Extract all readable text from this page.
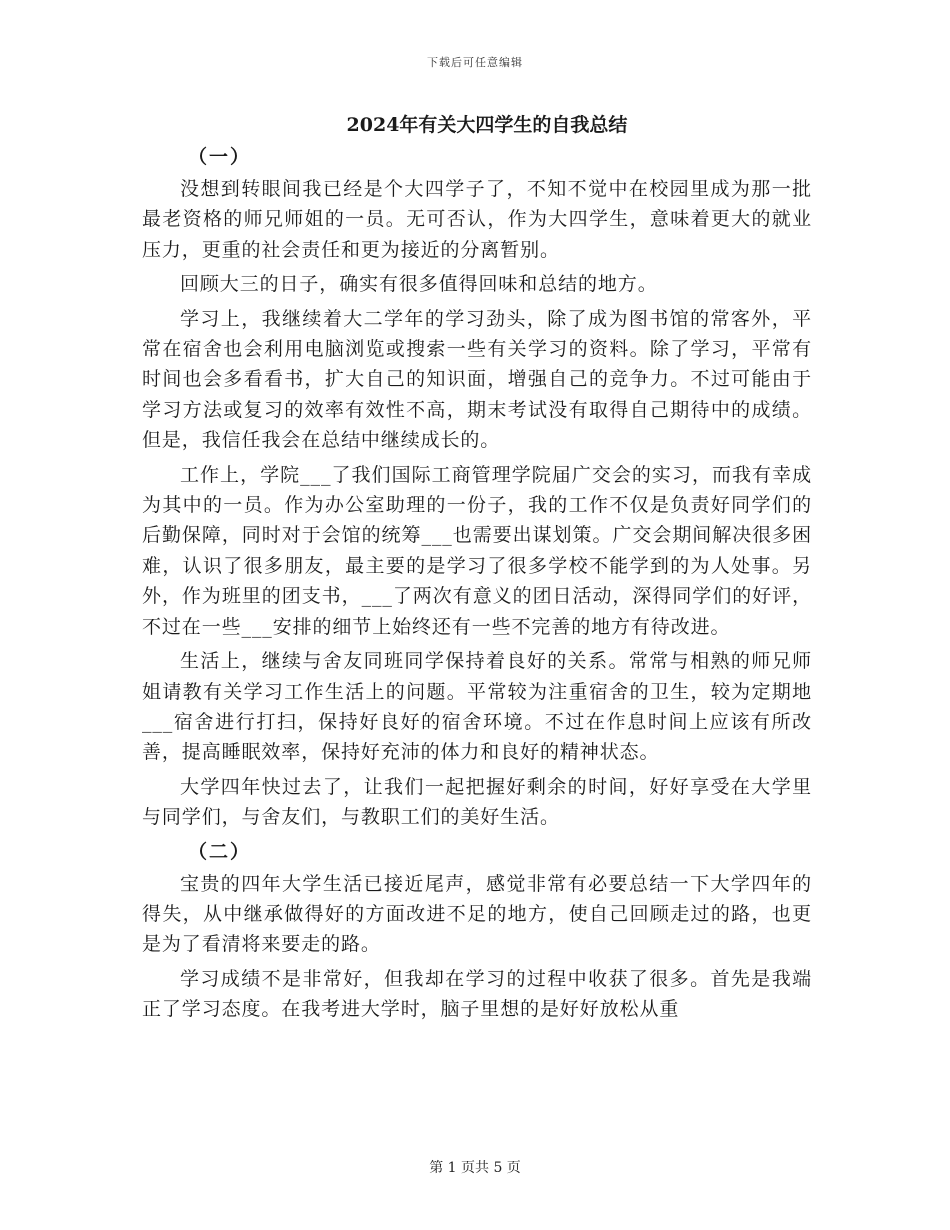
下载后可任意编辑
2024年有关大四学生的自我总结
（一）

没想到转眼间我已经是个大四学子了，不知不觉中在校园里成为那一批最老资格的师兄师姐的一员。无可否认，作为大四学生，意味着更大的就业压力，更重的社会责任和更为接近的分离暂别。

回顾大三的日子，确实有很多值得回味和总结的地方。

学习上，我继续着大二学年的学习劲头，除了成为图书馆的常客外，平常在宿舍也会利用电脑浏览或搜索一些有关学习的资料。除了学习，平常有时间也会多看看书，扩大自己的知识面，增强自己的竞争力。不过可能由于学习方法或复习的效率有效性不高，期末考试没有取得自己期待中的成绩。但是，我信任我会在总结中继续成长的。

工作上，学院___了我们国际工商管理学院届广交会的实习，而我有幸成为其中的一员。作为办公室助理的一份子，我的工作不仅是负责好同学们的后勤保障，同时对于会馆的统筹___也需要出谋划策。广交会期间解决很多困难，认识了很多朋友，最主要的是学习了很多学校不能学到的为人处事。另外，作为班里的团支书，___了两次有意义的团日活动，深得同学们的好评，不过在一些___安排的细节上始终还有一些不完善的地方有待改进。

生活上，继续与舍友同班同学保持着良好的关系。常常与相熟的师兄师姐请教有关学习工作生活上的问题。平常较为注重宿舍的卫生，较为定期地___宿舍进行打扫，保持好良好的宿舍环境。不过在作息时间上应该有所改善，提高睡眠效率，保持好充沛的体力和良好的精神状态。

大学四年快过去了，让我们一起把握好剩余的时间，好好享受在大学里与同学们，与舍友们，与教职工们的美好生活。

（二）

宝贵的四年大学生活已接近尾声，感觉非常有必要总结一下大学四年的得失，从中继承做得好的方面改进不足的地方，使自己回顾走过的路，也更是为了看清将来要走的路。

学习成绩不是非常好，但我却在学习的过程中收获了很多。首先是我端正了学习态度。在我考进大学时，脑子里想的是好好放松从重

第 1 页共 5 页
